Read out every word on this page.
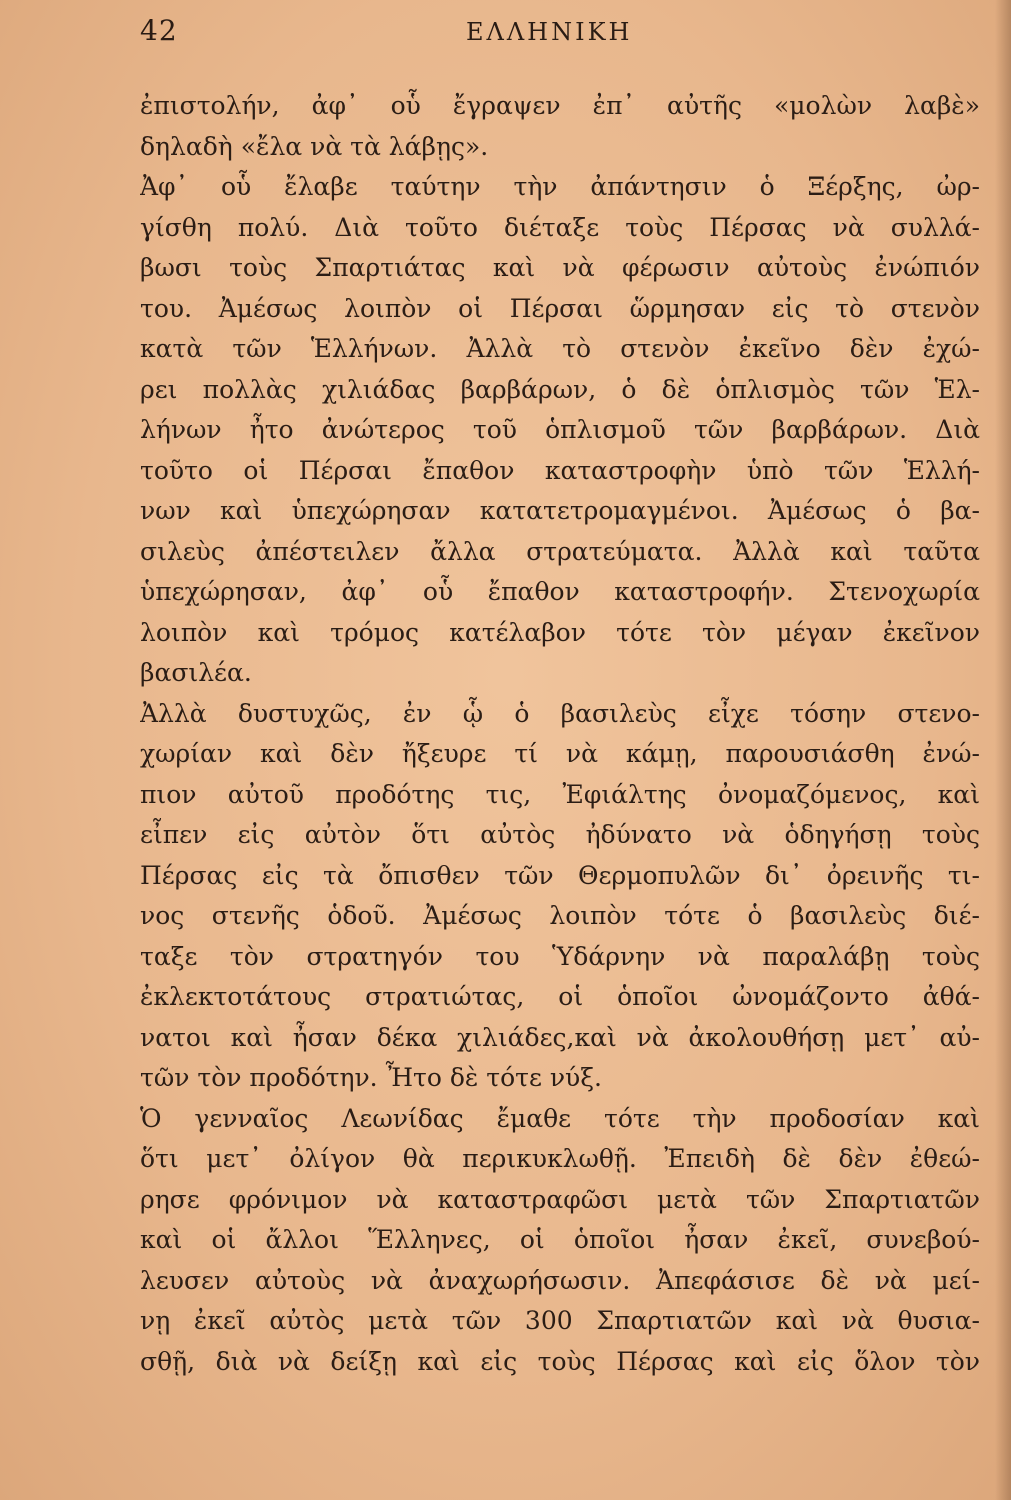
42	ΕΛΛΗΝΙΚΗ
ἐπιστολήν, ἀφ᾽ οὗ ἔγραψεν ἐπ᾽ αὐτῆς «μολὼν λαβὲ»
δηλαδὴ «ἔλα νὰ τὰ λάβῃς».
Ἀφ᾽ οὗ ἔλαβε ταύτην τὴν ἀπάντησιν ὁ Ξέρξης, ὠρ-
γίσθη πολύ. Διὰ τοῦτο διέταξε τοὺς Πέρσας νὰ συλλά-
βωσι τοὺς Σπαρτιάτας καὶ νὰ φέρωσιν αὐτοὺς ἐνώπιόν
του. Ἀμέσως λοιπὸν οἱ Πέρσαι ὥρμησαν εἰς τὸ στενὸν
κατὰ τῶν Ἑλλήνων. Ἀλλὰ τὸ στενὸν ἐκεῖνο δὲν ἐχώ-
ρει πολλὰς χιλιάδας βαρβάρων, ὁ δὲ ὁπλισμὸς τῶν Ἑλ-
λήνων ἦτο ἀνώτερος τοῦ ὁπλισμοῦ τῶν βαρβάρων. Διὰ
τοῦτο οἱ Πέρσαι ἔπαθον καταστροφὴν ὑπὸ τῶν Ἑλλή-
νων καὶ ὑπεχώρησαν κατατετρομαγμένοι. Ἀμέσως ὁ βα-
σιλεὺς ἀπέστειλεν ἄλλα στρατεύματα. Ἀλλὰ καὶ ταῦτα
ὑπεχώρησαν, ἀφ᾽ οὗ ἔπαθον καταστροφήν. Στενοχωρία
λοιπὸν καὶ τρόμος κατέλαβον τότε τὸν μέγαν ἐκεῖνον
βασιλέα.
Ἀλλὰ δυστυχῶς, ἐν ᾧ ὁ βασιλεὺς εἶχε τόσην στενο-
χωρίαν καὶ δὲν ἤξευρε τί νὰ κάμῃ, παρουσιάσθη ἐνώ-
πιον αὐτοῦ προδότης τις, Ἐφιάλτης ὀνομαζόμενος, καὶ
εἶπεν εἰς αὐτὸν ὅτι αὐτὸς ἠδύνατο νὰ ὁδηγήσῃ τοὺς
Πέρσας εἰς τὰ ὄπισθεν τῶν Θερμοπυλῶν δι᾽ ὀρεινῆς τι-
νος στενῆς ὁδοῦ. Ἀμέσως λοιπὸν τότε ὁ βασιλεὺς διέ-
ταξε τὸν στρατηγόν του Ὑδάρνην νὰ παραλάβῃ τοὺς
ἐκλεκτοτάτους στρατιώτας, οἱ ὁποῖοι ὠνομάζοντο ἀθά-
νατοι καὶ ἦσαν δέκα χιλιάδες,καὶ νὰ ἀκολουθήσῃ μετ᾽ αὐ-
τῶν τὸν προδότην. Ἦτο δὲ τότε νύξ.
Ὁ γενναῖος Λεωνίδας ἔμαθε τότε τὴν προδοσίαν καὶ
ὅτι μετ᾽ ὀλίγον θὰ περικυκλωθῇ. Ἐπειδὴ δὲ δὲν ἐθεώ-
ρησε φρόνιμον νὰ καταστραφῶσι μετὰ τῶν Σπαρτιατῶν
καὶ οἱ ἄλλοι Ἕλληνες, οἱ ὁποῖοι ἦσαν ἐκεῖ, συνεβού-
λευσεν αὐτοὺς νὰ ἀναχωρήσωσιν. Ἀπεφάσισε δὲ νὰ μεί-
νῃ ἐκεῖ αὐτὸς μετὰ τῶν 300 Σπαρτιατῶν καὶ νὰ θυσια-
σθῇ, διὰ νὰ δείξῃ καὶ εἰς τοὺς Πέρσας καὶ εἰς ὅλον τὸν
